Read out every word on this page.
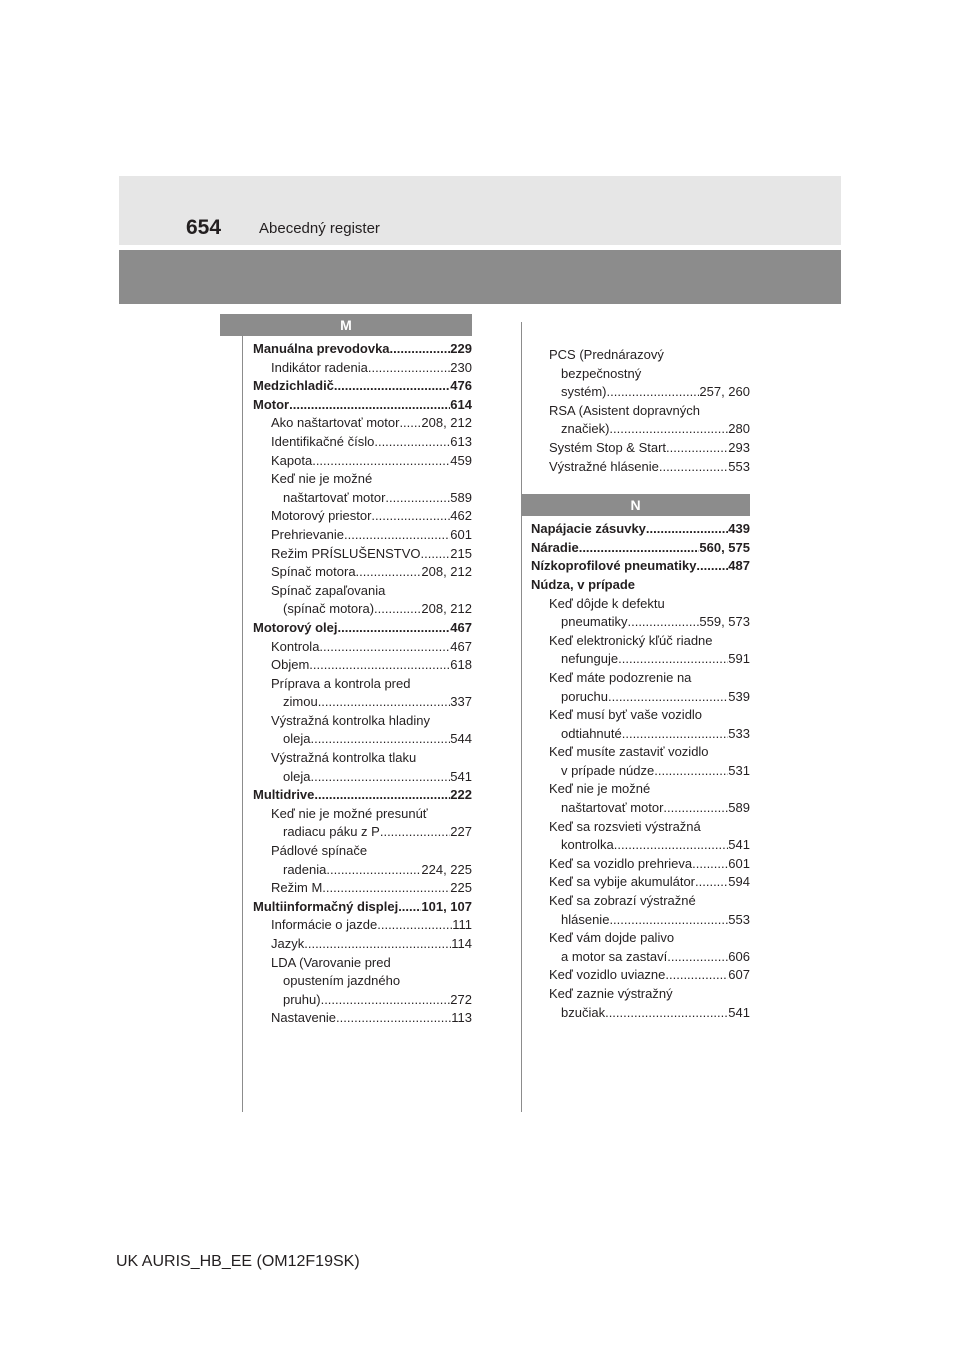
654	Abecedný register
M
Manuálna prevodovka .....	229
Indikátor radenia .....	230
Medzichladič .....	476
Motor .....	614
Ako naštartovať motor ..... 208, 212
Identifikačné číslo .....	613
Kapota .....	459
Keď nie je možné
naštartovať motor .....	589
Motorový priestor .....	462
Prehrievanie .....	601
Režim PRÍSLUŠENSTVO ..... 215
Spínač motora .....	208, 212
Spínač zapaľovania
(spínač motora) .....	208, 212
Motorový olej .....	467
Kontrola .....	467
Objem .....	618
Príprava a kontrola pred
zimou .....	337
Výstražná kontrolka hladiny
oleja .....	544
Výstražná kontrolka tlaku
oleja .....	541
Multidrive .....	222
Keď nie je možné presunúť
radiacu páku z P .....	227
Pádlové spínače
radenia .....	224, 225
Režim M .....	225
Multiinformačný displej ..... 101, 107
Informácie o jazde .....	111
Jazyk .....	114
LDA (Varovanie pred
opustením jazdného
pruhu) .....	272
Nastavenie .....	113
PCS (Prednárazový
bezpečnostný
systém) .....	257, 260
RSA (Asistent dopravných
značiek) .....	280
Systém Stop & Start .....	293
Výstražné hlásenie .....	553
N
Napájacie zásuvky .....	439
Náradie .....	560, 575
Nízkoprofilové pneumatiky ..... 487
Núdza, v prípade
Keď dôjde k defektu
pneumatiky .....	559, 573
Keď elektronický kľúč riadne
nefunguje .....	591
Keď máte podozrenie na
poruchu .....	539
Keď musí byť vaše vozidlo
odtiahnuté .....	533
Keď musíte zastaviť vozidlo
v prípade núdze .....	531
Keď nie je možné
naštartovať motor .....	589
Keď sa rozsvieti výstražná
kontrolka .....	541
Keď sa vozidlo prehrieva .....	601
Keď sa vybije akumulátor .....	594
Keď sa zobrazí výstražné
hlásenie .....	553
Keď vám dojde palivo
a motor sa zastaví .....	606
Keď vozidlo uviazne .....	607
Keď zaznie výstražný
bzučiak .....	541
UK AURIS_HB_EE (OM12F19SK)
